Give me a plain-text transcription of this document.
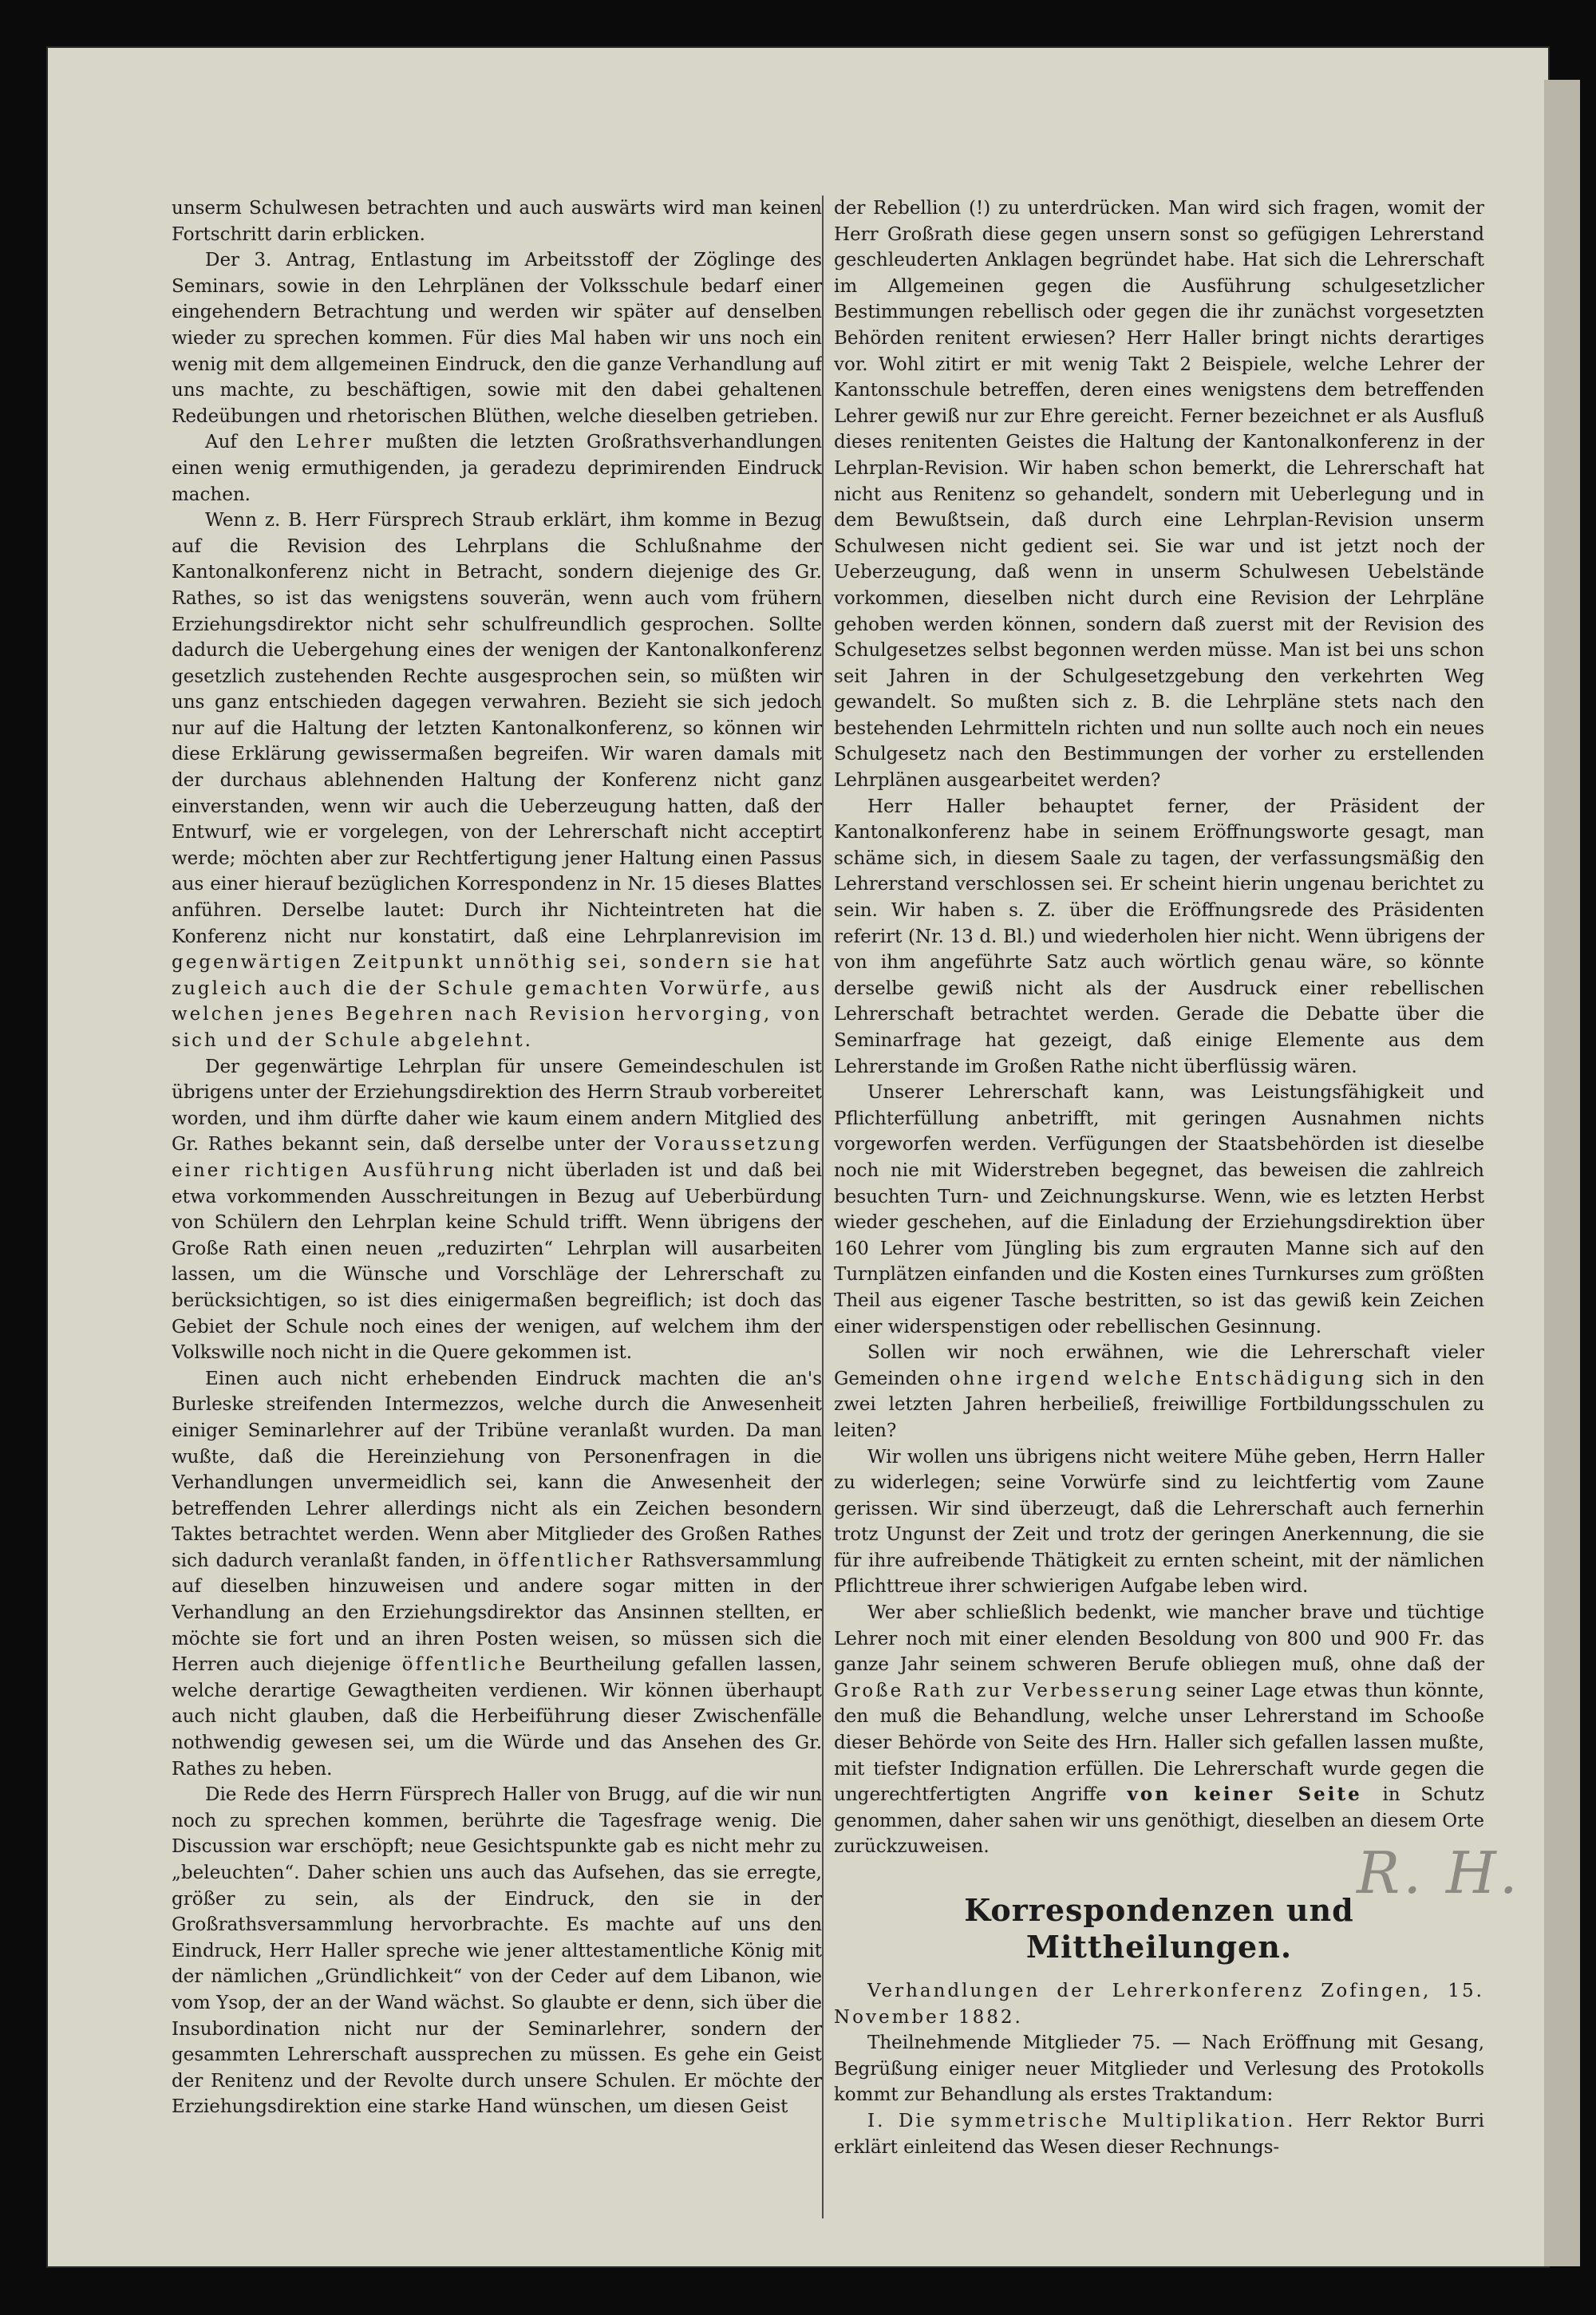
unserm Schulwesen betrachten und auch auswärts wird man keinen Fortschritt darin erblicken.

Der 3. Antrag, Entlastung im Arbeitsstoff der Zöglinge des Seminars, sowie in den Lehrplänen der Volksschule bedarf einer eingehendern Betrachtung und werden wir später auf denselben wieder zu sprechen kommen. Für dies Mal haben wir uns noch ein wenig mit dem allgemeinen Eindruck, den die ganze Verhandlung auf uns machte, zu beschäftigen, sowie mit den dabei gehaltenen Redeübungen und rhetorischen Blüthen, welche dieselben getrieben.

Auf den Lehrer mußten die letzten Großrathsverhandlungen einen wenig ermuthigenden, ja geradezu deprimirenden Eindruck machen.

Wenn z. B. Herr Fürsprech Straub erklärt, ihm komme in Bezug auf die Revision des Lehrplans die Schlußnahme der Kantonalkonferenz nicht in Betracht, sondern diejenige des Gr. Rathes, so ist das wenigstens souverän, wenn auch vom frühern Erziehungsdirektor nicht sehr schulfreundlich gesprochen. Sollte dadurch die Uebergehung eines der wenigen der Kantonalkonferenz gesetzlich zustehenden Rechte ausgesprochen sein, so müßten wir uns ganz entschieden dagegen verwahren. Bezieht sie sich jedoch nur auf die Haltung der letzten Kantonalkonferenz, so können wir diese Erklärung gewissermaßen begreifen. Wir waren damals mit der durchaus ablehnenden Haltung der Konferenz nicht ganz einverstanden, wenn wir auch die Ueberzeugung hatten, daß der Entwurf, wie er vorgelegen, von der Lehrerschaft nicht acceptirt werde; möchten aber zur Rechtfertigung jener Haltung einen Passus aus einer hierauf bezüglichen Korrespondenz in Nr. 15 dieses Blattes anführen. Derselbe lautet: Durch ihr Nichteintreten hat die Konferenz nicht nur konstatirt, daß eine Lehrplanrevision im gegenwärtigen Zeitpunkt unnöthig sei, sondern sie hat zugleich auch die der Schule gemachten Vorwürfe, aus welchen jenes Begehren nach Revision hervorging, von sich und der Schule abgelehnt.

Der gegenwärtige Lehrplan für unsere Gemeindeschulen ist übrigens unter der Erziehungsdirektion des Herrn Straub vorbereitet worden, und ihm dürfte daher wie kaum einem andern Mitglied des Gr. Rathes bekannt sein, daß derselbe unter der Voraussetzung einer richtigen Ausführung nicht überladen ist und daß bei etwa vorkommenden Ausschreitungen in Bezug auf Ueberbürdung von Schülern den Lehrplan keine Schuld trifft. Wenn übrigens der Große Rath einen neuen „reduzirten“ Lehrplan will ausarbeiten lassen, um die Wünsche und Vorschläge der Lehrerschaft zu berücksichtigen, so ist dies einigermaßen begreiflich; ist doch das Gebiet der Schule noch eines der wenigen, auf welchem ihm der Volkswille noch nicht in die Quere gekommen ist.

Einen auch nicht erhebenden Eindruck machten die an's Burleske streifenden Intermezzos, welche durch die Anwesenheit einiger Seminarlehrer auf der Tribüne veranlaßt wurden. Da man wußte, daß die Hereinziehung von Personenfragen in die Verhandlungen unvermeidlich sei, kann die Anwesenheit der betreffenden Lehrer allerdings nicht als ein Zeichen besondern Taktes betrachtet werden. Wenn aber Mitglieder des Großen Rathes sich dadurch veranlaßt fanden, in öffentlicher Rathsversammlung auf dieselben hinzuweisen und andere sogar mitten in der Verhandlung an den Erziehungsdirektor das Ansinnen stellten, er möchte sie fort und an ihren Posten weisen, so müssen sich die Herren auch diejenige öffentliche Beurtheilung gefallen lassen, welche derartige Gewagtheiten verdienen. Wir können überhaupt auch nicht glauben, daß die Herbeiführung dieser Zwischenfälle nothwendig gewesen sei, um die Würde und das Ansehen des Gr. Rathes zu heben.

Die Rede des Herrn Fürsprech Haller von Brugg, auf die wir nun noch zu sprechen kommen, berührte die Tagesfrage wenig. Die Discussion war erschöpft; neue Gesichtspunkte gab es nicht mehr zu „beleuchten“. Daher schien uns auch das Aufsehen, das sie erregte, größer zu sein, als der Eindruck, den sie in der Großrathsversammlung hervorbrachte. Es machte auf uns den Eindruck, Herr Haller spreche wie jener alttestamentliche König mit der nämlichen „Gründlichkeit“ von der Ceder auf dem Libanon, wie vom Ysop, der an der Wand wächst. So glaubte er denn, sich über die Insubordination nicht nur der Seminarlehrer, sondern der gesammten Lehrerschaft aussprechen zu müssen. Es gehe ein Geist der Renitenz und der Revolte durch unsere Schulen. Er möchte der Erziehungsdirektion eine starke Hand wünschen, um diesen Geist

der Rebellion (!) zu unterdrücken. Man wird sich fragen, womit der Herr Großrath diese gegen unsern sonst so gefügigen Lehrerstand geschleuderten Anklagen begründet habe. Hat sich die Lehrerschaft im Allgemeinen gegen die Ausführung schulgesetzlicher Bestimmungen rebellisch oder gegen die ihr zunächst vorgesetzten Behörden renitent erwiesen? Herr Haller bringt nichts derartiges vor. Wohl zitirt er mit wenig Takt 2 Beispiele, welche Lehrer der Kantonsschule betreffen, deren eines wenigstens dem betreffenden Lehrer gewiß nur zur Ehre gereicht. Ferner bezeichnet er als Ausfluß dieses renitenten Geistes die Haltung der Kantonalkonferenz in der Lehrplan-Revision. Wir haben schon bemerkt, die Lehrerschaft hat nicht aus Renitenz so gehandelt, sondern mit Ueberlegung und in dem Bewußtsein, daß durch eine Lehrplan-Revision unserm Schulwesen nicht gedient sei. Sie war und ist jetzt noch der Ueberzeugung, daß wenn in unserm Schulwesen Uebelstände vorkommen, dieselben nicht durch eine Revision der Lehrpläne gehoben werden können, sondern daß zuerst mit der Revision des Schulgesetzes selbst begonnen werden müsse. Man ist bei uns schon seit Jahren in der Schulgesetzgebung den verkehrten Weg gewandelt. So mußten sich z. B. die Lehrpläne stets nach den bestehenden Lehrmitteln richten und nun sollte auch noch ein neues Schulgesetz nach den Bestimmungen der vorher zu erstellenden Lehrplänen ausgearbeitet werden?

Herr Haller behauptet ferner, der Präsident der Kantonalkonferenz habe in seinem Eröffnungsworte gesagt, man schäme sich, in diesem Saale zu tagen, der verfassungsmäßig den Lehrerstand verschlossen sei. Er scheint hierin ungenau berichtet zu sein. Wir haben s. Z. über die Eröffnungsrede des Präsidenten referirt (Nr. 13 d. Bl.) und wiederholen hier nicht. Wenn übrigens der von ihm angeführte Satz auch wörtlich genau wäre, so könnte derselbe gewiß nicht als der Ausdruck einer rebellischen Lehrerschaft betrachtet werden. Gerade die Debatte über die Seminarfrage hat gezeigt, daß einige Elemente aus dem Lehrerstande im Großen Rathe nicht überflüssig wären.

Unserer Lehrerschaft kann, was Leistungsfähigkeit und Pflichterfüllung anbetrifft, mit geringen Ausnahmen nichts vorgeworfen werden. Verfügungen der Staatsbehörden ist dieselbe noch nie mit Widerstreben begegnet, das beweisen die zahlreich besuchten Turn- und Zeichnungskurse. Wenn, wie es letzten Herbst wieder geschehen, auf die Einladung der Erziehungsdirektion über 160 Lehrer vom Jüngling bis zum ergrauten Manne sich auf den Turnplätzen einfanden und die Kosten eines Turnkurses zum größten Theil aus eigener Tasche bestritten, so ist das gewiß kein Zeichen einer widerspenstigen oder rebellischen Gesinnung.

Sollen wir noch erwähnen, wie die Lehrerschaft vieler Gemeinden ohne irgend welche Entschädigung sich in den zwei letzten Jahren herbeiließ, freiwillige Fortbildungsschulen zu leiten?

Wir wollen uns übrigens nicht weitere Mühe geben, Herrn Haller zu widerlegen; seine Vorwürfe sind zu leichtfertig vom Zaune gerissen. Wir sind überzeugt, daß die Lehrerschaft auch fernerhin trotz Ungunst der Zeit und trotz der geringen Anerkennung, die sie für ihre aufreibende Thätigkeit zu ernten scheint, mit der nämlichen Pflichttreue ihrer schwierigen Aufgabe leben wird.

Wer aber schließlich bedenkt, wie mancher brave und tüchtige Lehrer noch mit einer elenden Besoldung von 800 und 900 Fr. das ganze Jahr seinem schweren Berufe obliegen muß, ohne daß der Große Rath zur Verbesserung seiner Lage etwas thun könnte, den muß die Behandlung, welche unser Lehrerstand im Schooße dieser Behörde von Seite des Hrn. Haller sich gefallen lassen mußte, mit tiefster Indignation erfüllen. Die Lehrerschaft wurde gegen die ungerechtfertigten Angriffe von keiner Seite in Schutz genommen, daher sahen wir uns genöthigt, dieselben an diesem Orte zurückzuweisen.

Korrespondenzen und Mittheilungen.

Verhandlungen der Lehrerkonferenz Zofingen, 15. November 1882.

Theilnehmende Mitglieder 75. — Nach Eröffnung mit Gesang, Begrüßung einiger neuer Mitglieder und Verlesung des Protokolls kommt zur Behandlung als erstes Traktandum:

I. Die symmetrische Multiplikation. Herr Rektor Burri erklärt einleitend das Wesen dieser Rechnungs-

R. H.
